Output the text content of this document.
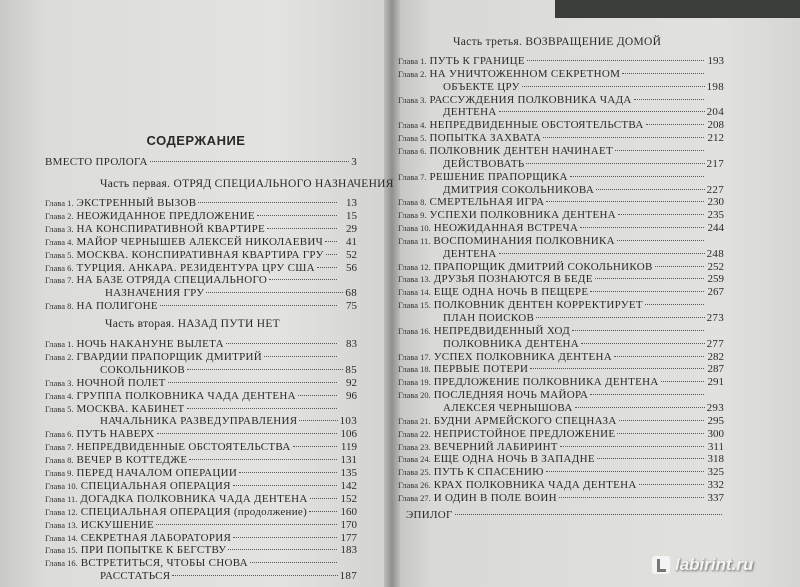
СОДЕРЖАНИЕ
ВМЕСТО ПРОЛОГА	3
Часть первая. ОТРЯД СПЕЦИАЛЬНОГО НАЗНАЧЕНИЯ
Глава 1. ЭКСТРЕННЫЙ ВЫЗОВ	13
Глава 2. НЕОЖИДАННОЕ ПРЕДЛОЖЕНИЕ	15
Глава 3. НА КОНСПИРАТИВНОЙ КВАРТИРЕ	29
Глава 4. МАЙОР ЧЕРНЫШЕВ АЛЕКСЕЙ НИКОЛАЕВИЧ	41
Глава 5. МОСКВА. КОНСПИРАТИВНАЯ КВАРТИРА ГРУ	52
Глава 6. ТУРЦИЯ. АНКАРА. РЕЗИДЕНТУРА ЦРУ США	56
Глава 7. НА БАЗЕ ОТРЯДА СПЕЦИАЛЬНОГО
НАЗНАЧЕНИЯ ГРУ	68
Глава 8. НА ПОЛИГОНЕ	75
Часть вторая. НАЗАД ПУТИ НЕТ
Глава 1. НОЧЬ НАКАНУНЕ ВЫЛЕТА	83
Глава 2. ГВАРДИИ ПРАПОРЩИК ДМИТРИЙ
СОКОЛЬНИКОВ	85
Глава 3. НОЧНОЙ ПОЛЕТ	92
Глава 4. ГРУППА ПОЛКОВНИКА ЧАДА ДЕНТЕНА	96
Глава 5. МОСКВА. КАБИНЕТ
НАЧАЛЬНИКА РАЗВЕДУПРАВЛЕНИЯ	103
Глава 6. ПУТЬ НАВЕРХ	106
Глава 7. НЕПРЕДВИДЕННЫЕ ОБСТОЯТЕЛЬСТВА	119
Глава 8. ВЕЧЕР В КОТТЕДЖЕ	131
Глава 9. ПЕРЕД НАЧАЛОМ ОПЕРАЦИИ	135
Глава 10. СПЕЦИАЛЬНАЯ ОПЕРАЦИЯ	142
Глава 11. ДОГАДКА ПОЛКОВНИКА ЧАДА ДЕНТЕНА	152
Глава 12. СПЕЦИАЛЬНАЯ ОПЕРАЦИЯ (продолжение)	160
Глава 13. ИСКУШЕНИЕ	170
Глава 14. СЕКРЕТНАЯ ЛАБОРАТОРИЯ	177
Глава 15. ПРИ ПОПЫТКЕ К БЕГСТВУ	183
Глава 16. ВСТРЕТИТЬСЯ, ЧТОБЫ СНОВА
РАССТАТЬСЯ	187
Часть третья. ВОЗВРАЩЕНИЕ ДОМОЙ
Глава 1. ПУТЬ К ГРАНИЦЕ	193
Глава 2. НА УНИЧТОЖЕННОМ СЕКРЕТНОМ
ОБЪЕКТЕ ЦРУ	198
Глава 3. РАССУЖДЕНИЯ ПОЛКОВНИКА ЧАДА
ДЕНТЕНА	204
Глава 4. НЕПРЕДВИДЕННЫЕ ОБСТОЯТЕЛЬСТВА	208
Глава 5. ПОПЫТКА ЗАХВАТА	212
Глава 6. ПОЛКОВНИК ДЕНТЕН НАЧИНАЕТ
ДЕЙСТВОВАТЬ	217
Глава 7. РЕШЕНИЕ ПРАПОРЩИКА
ДМИТРИЯ СОКОЛЬНИКОВА	227
Глава 8. СМЕРТЕЛЬНАЯ ИГРА	230
Глава 9. УСПЕХИ ПОЛКОВНИКА ДЕНТЕНА	235
Глава 10. НЕОЖИДАННАЯ ВСТРЕЧА	244
Глава 11. ВОСПОМИНАНИЯ ПОЛКОВНИКА
ДЕНТЕНА	248
Глава 12. ПРАПОРЩИК ДМИТРИЙ СОКОЛЬНИКОВ	252
Глава 13. ДРУЗЬЯ ПОЗНАЮТСЯ В БЕДЕ	259
Глава 14. ЕЩЕ ОДНА НОЧЬ В ПЕЩЕРЕ	267
Глава 15. ПОЛКОВНИК ДЕНТЕН КОРРЕКТИРУЕТ
ПЛАН ПОИСКОВ	273
Глава 16. НЕПРЕДВИДЕННЫЙ ХОД
ПОЛКОВНИКА ДЕНТЕНА	277
Глава 17. УСПЕХ ПОЛКОВНИКА ДЕНТЕНА	282
Глава 18. ПЕРВЫЕ ПОТЕРИ	287
Глава 19. ПРЕДЛОЖЕНИЕ ПОЛКОВНИКА ДЕНТЕНА	291
Глава 20. ПОСЛЕДНЯЯ НОЧЬ МАЙОРА
АЛЕКСЕЯ ЧЕРНЫШОВА	293
Глава 21. БУДНИ АРМЕЙСКОГО СПЕЦНАЗА	295
Глава 22. НЕПРИСТОЙНОЕ ПРЕДЛОЖЕНИЕ	300
Глава 23. ВЕЧЕРНИЙ ЛАБИРИНТ	311
Глава 24. ЕЩЕ ОДНА НОЧЬ В ЗАПАДНЕ	318
Глава 25. ПУТЬ К СПАСЕНИЮ	325
Глава 26. КРАХ ПОЛКОВНИКА ЧАДА ДЕНТЕНА	332
Глава 27. И ОДИН В ПОЛЕ ВОИН	337
ЭПИЛОГ
labirint.ru
